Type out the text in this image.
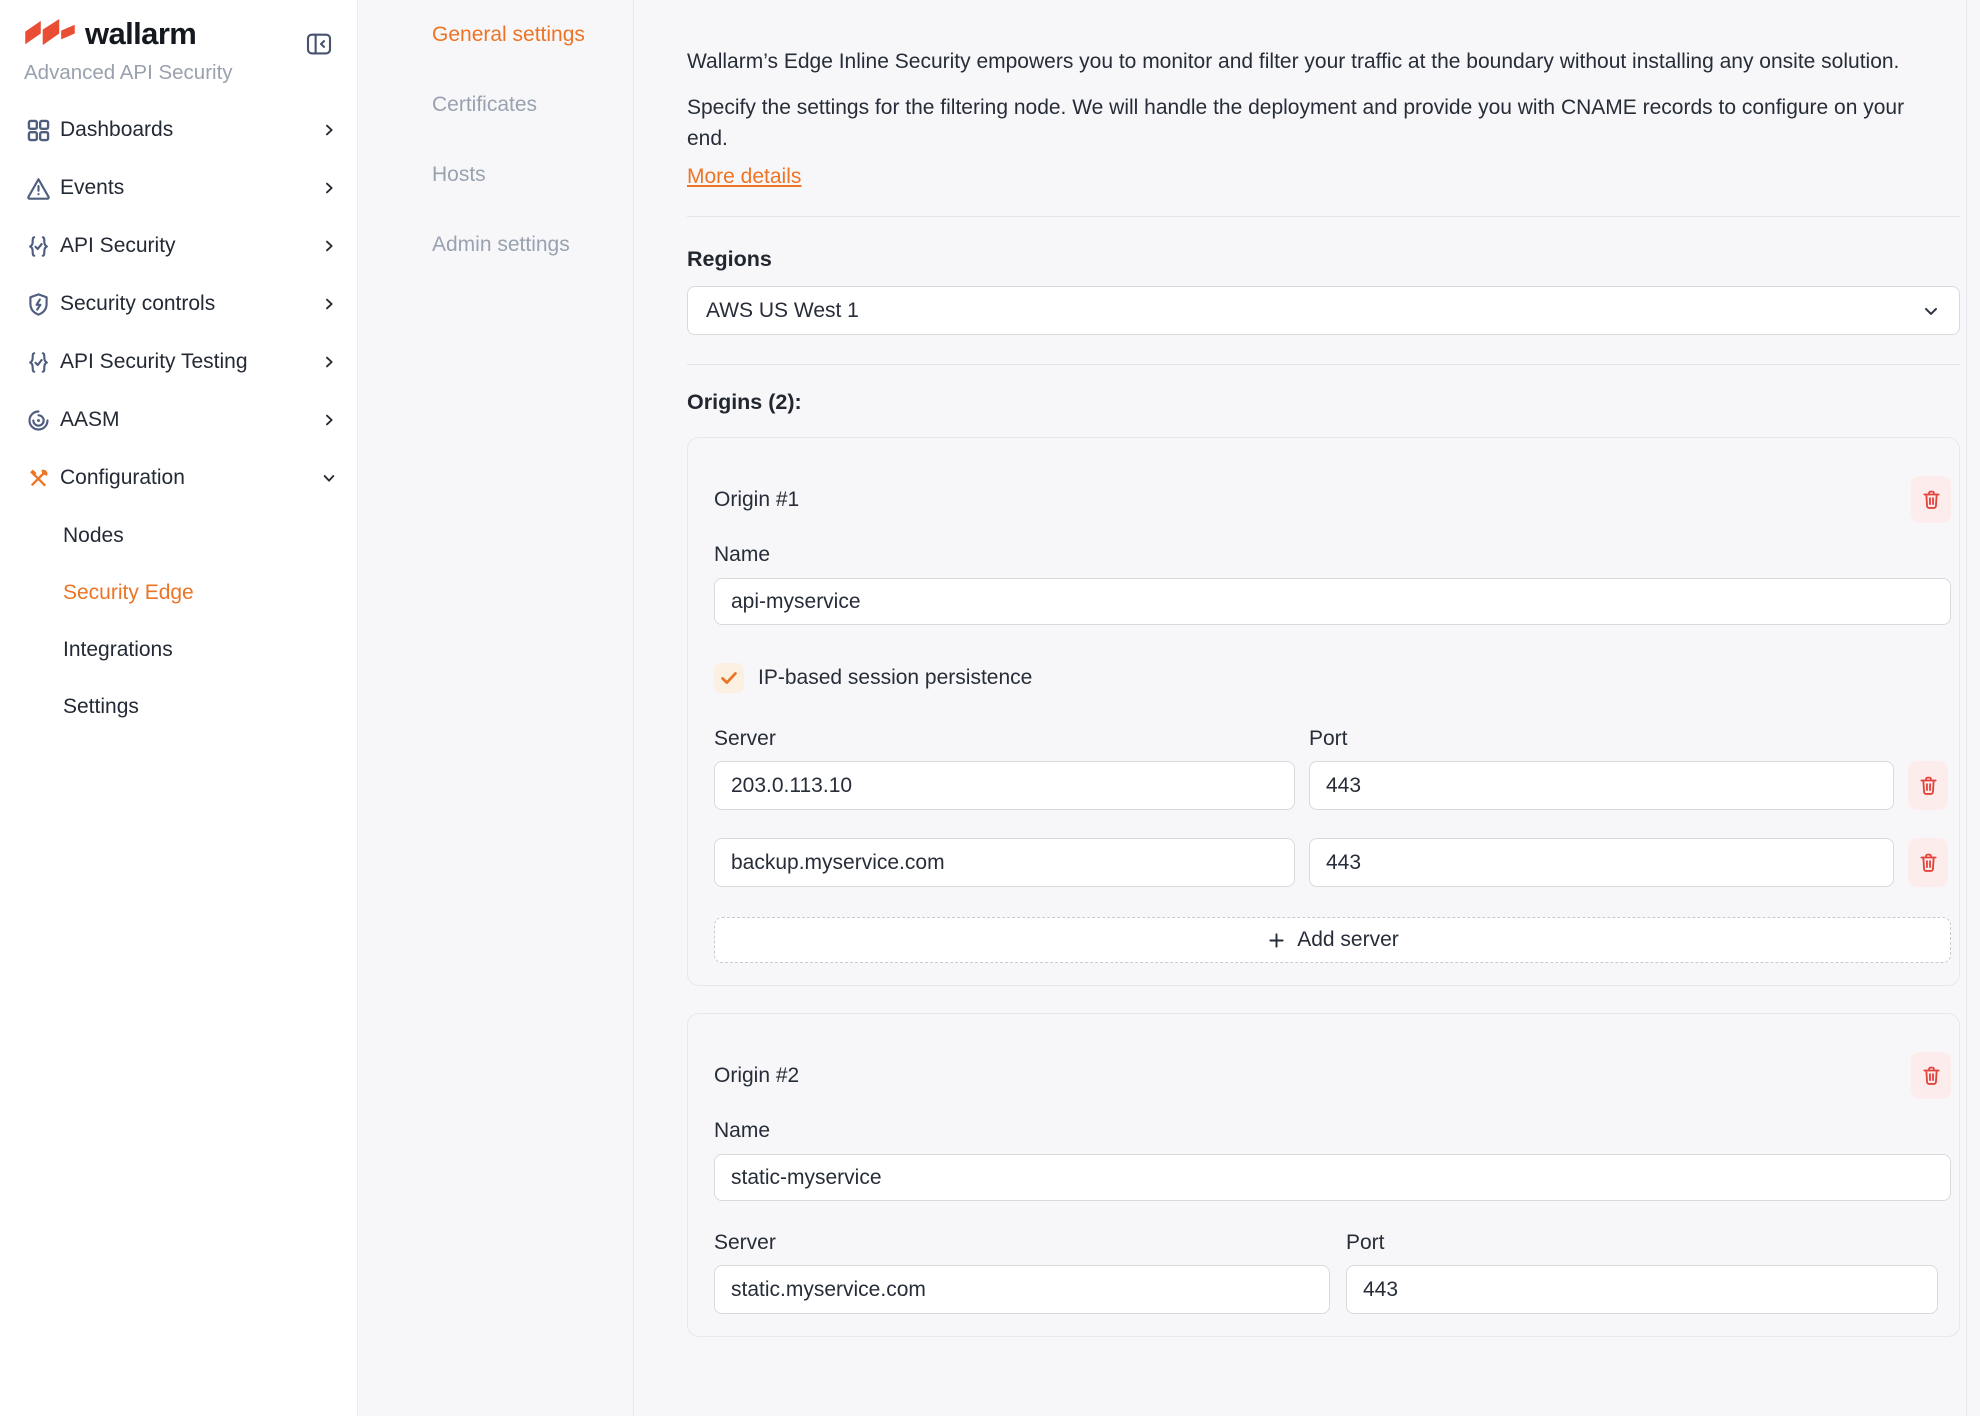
wallarm
Advanced API Security
Dashboards
Events
API Security
Security controls
API Security Testing
AASM
Configuration
Nodes
Security Edge
Integrations
Settings
General settings
Certificates
Hosts
Admin settings

Wallarm’s Edge Inline Security empowers you to monitor and filter your traffic at the boundary without installing any onsite solution.

Specify the settings for the filtering node. We will handle the deployment and provide you with CNAME records to configure on your end.

More details
Regions
AWS US West 1
Origins (2):
Origin #1
Name
api-myservice
IP-based session persistence
Server	Port
203.0.113.10
443
backup.myservice.com
443
Add server
Origin #2
Name
static-myservice
Server	Port
static.myservice.com
443
